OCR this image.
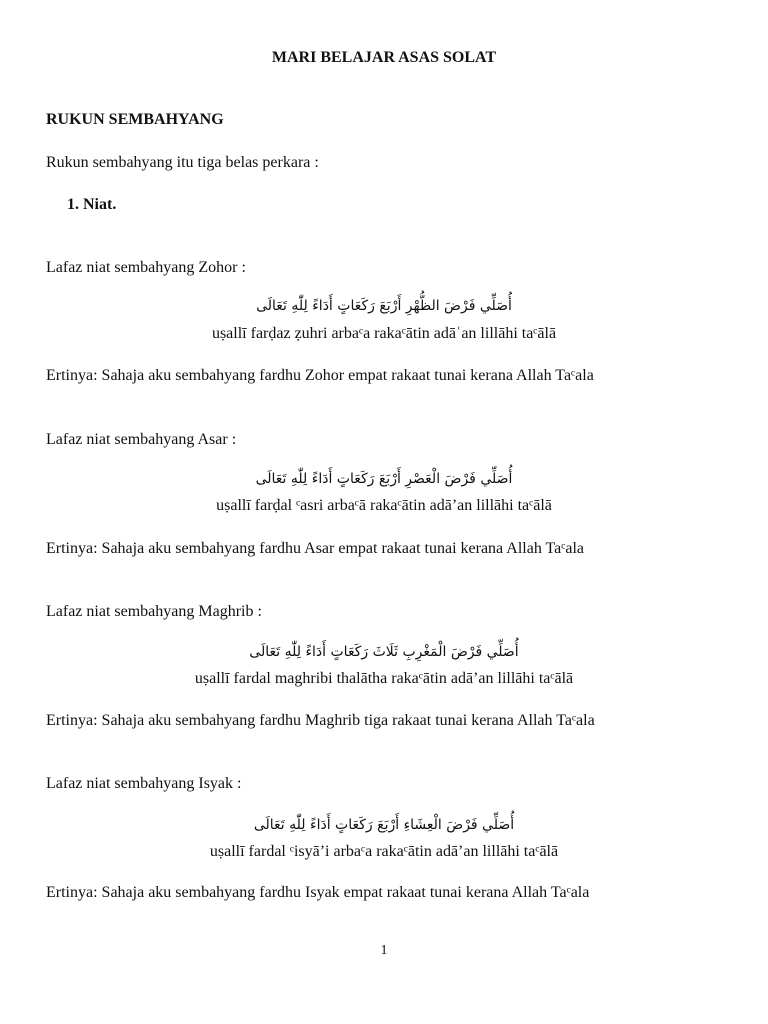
MARI BELAJAR ASAS SOLAT
RUKUN SEMBAHYANG
Rukun sembahyang itu tiga belas perkara :
1. Niat.
Lafaz niat sembahyang Zohor :
أُصَلِّي فَرْضَ الظُّهْرِ أَرْبَعَ رَكَعَاتٍ أَدَاءً لِلّٰهِ تَعَالَى
uṣallī farḍaz ẓuhri arbaᶜa rakaᶜātin adāʿan lillāhi taᶜālā
Ertinya: Sahaja aku sembahyang fardhu Zohor empat rakaat tunai kerana Allah Taᶜala
Lafaz niat sembahyang Asar :
أُصَلِّي فَرْضَ الْعَصْرِ أَرْبَعَ رَكَعَاتٍ أَدَاءً لِلّٰهِ تَعَالَى
uṣallī farḍal ᶜasri arbaᶜā rakaᶜātin adā’an lillāhi taᶜālā
Ertinya: Sahaja aku sembahyang fardhu Asar empat rakaat tunai kerana Allah Taᶜala
Lafaz niat sembahyang Maghrib :
أُصَلِّي فَرْضَ الْمَغْرِبِ ثَلَاثَ رَكَعَاتٍ أَدَاءً لِلّٰهِ تَعَالَى
uṣallī fardal maghribi thalātha rakaᶜātin adā’an lillāhi taᶜālā
Ertinya: Sahaja aku sembahyang fardhu Maghrib tiga rakaat tunai kerana Allah Taᶜala
Lafaz niat sembahyang Isyak :
أُصَلِّي فَرْضَ الْعِشَاءِ أَرْبَعَ رَكَعَاتٍ أَدَاءً لِلّٰهِ تَعَالَى
uṣallī fardal ᶜisyā’i arbaᶜa rakaᶜātin adā’an lillāhi taᶜālā
Ertinya: Sahaja aku sembahyang fardhu Isyak empat rakaat tunai kerana Allah Taᶜala
1
